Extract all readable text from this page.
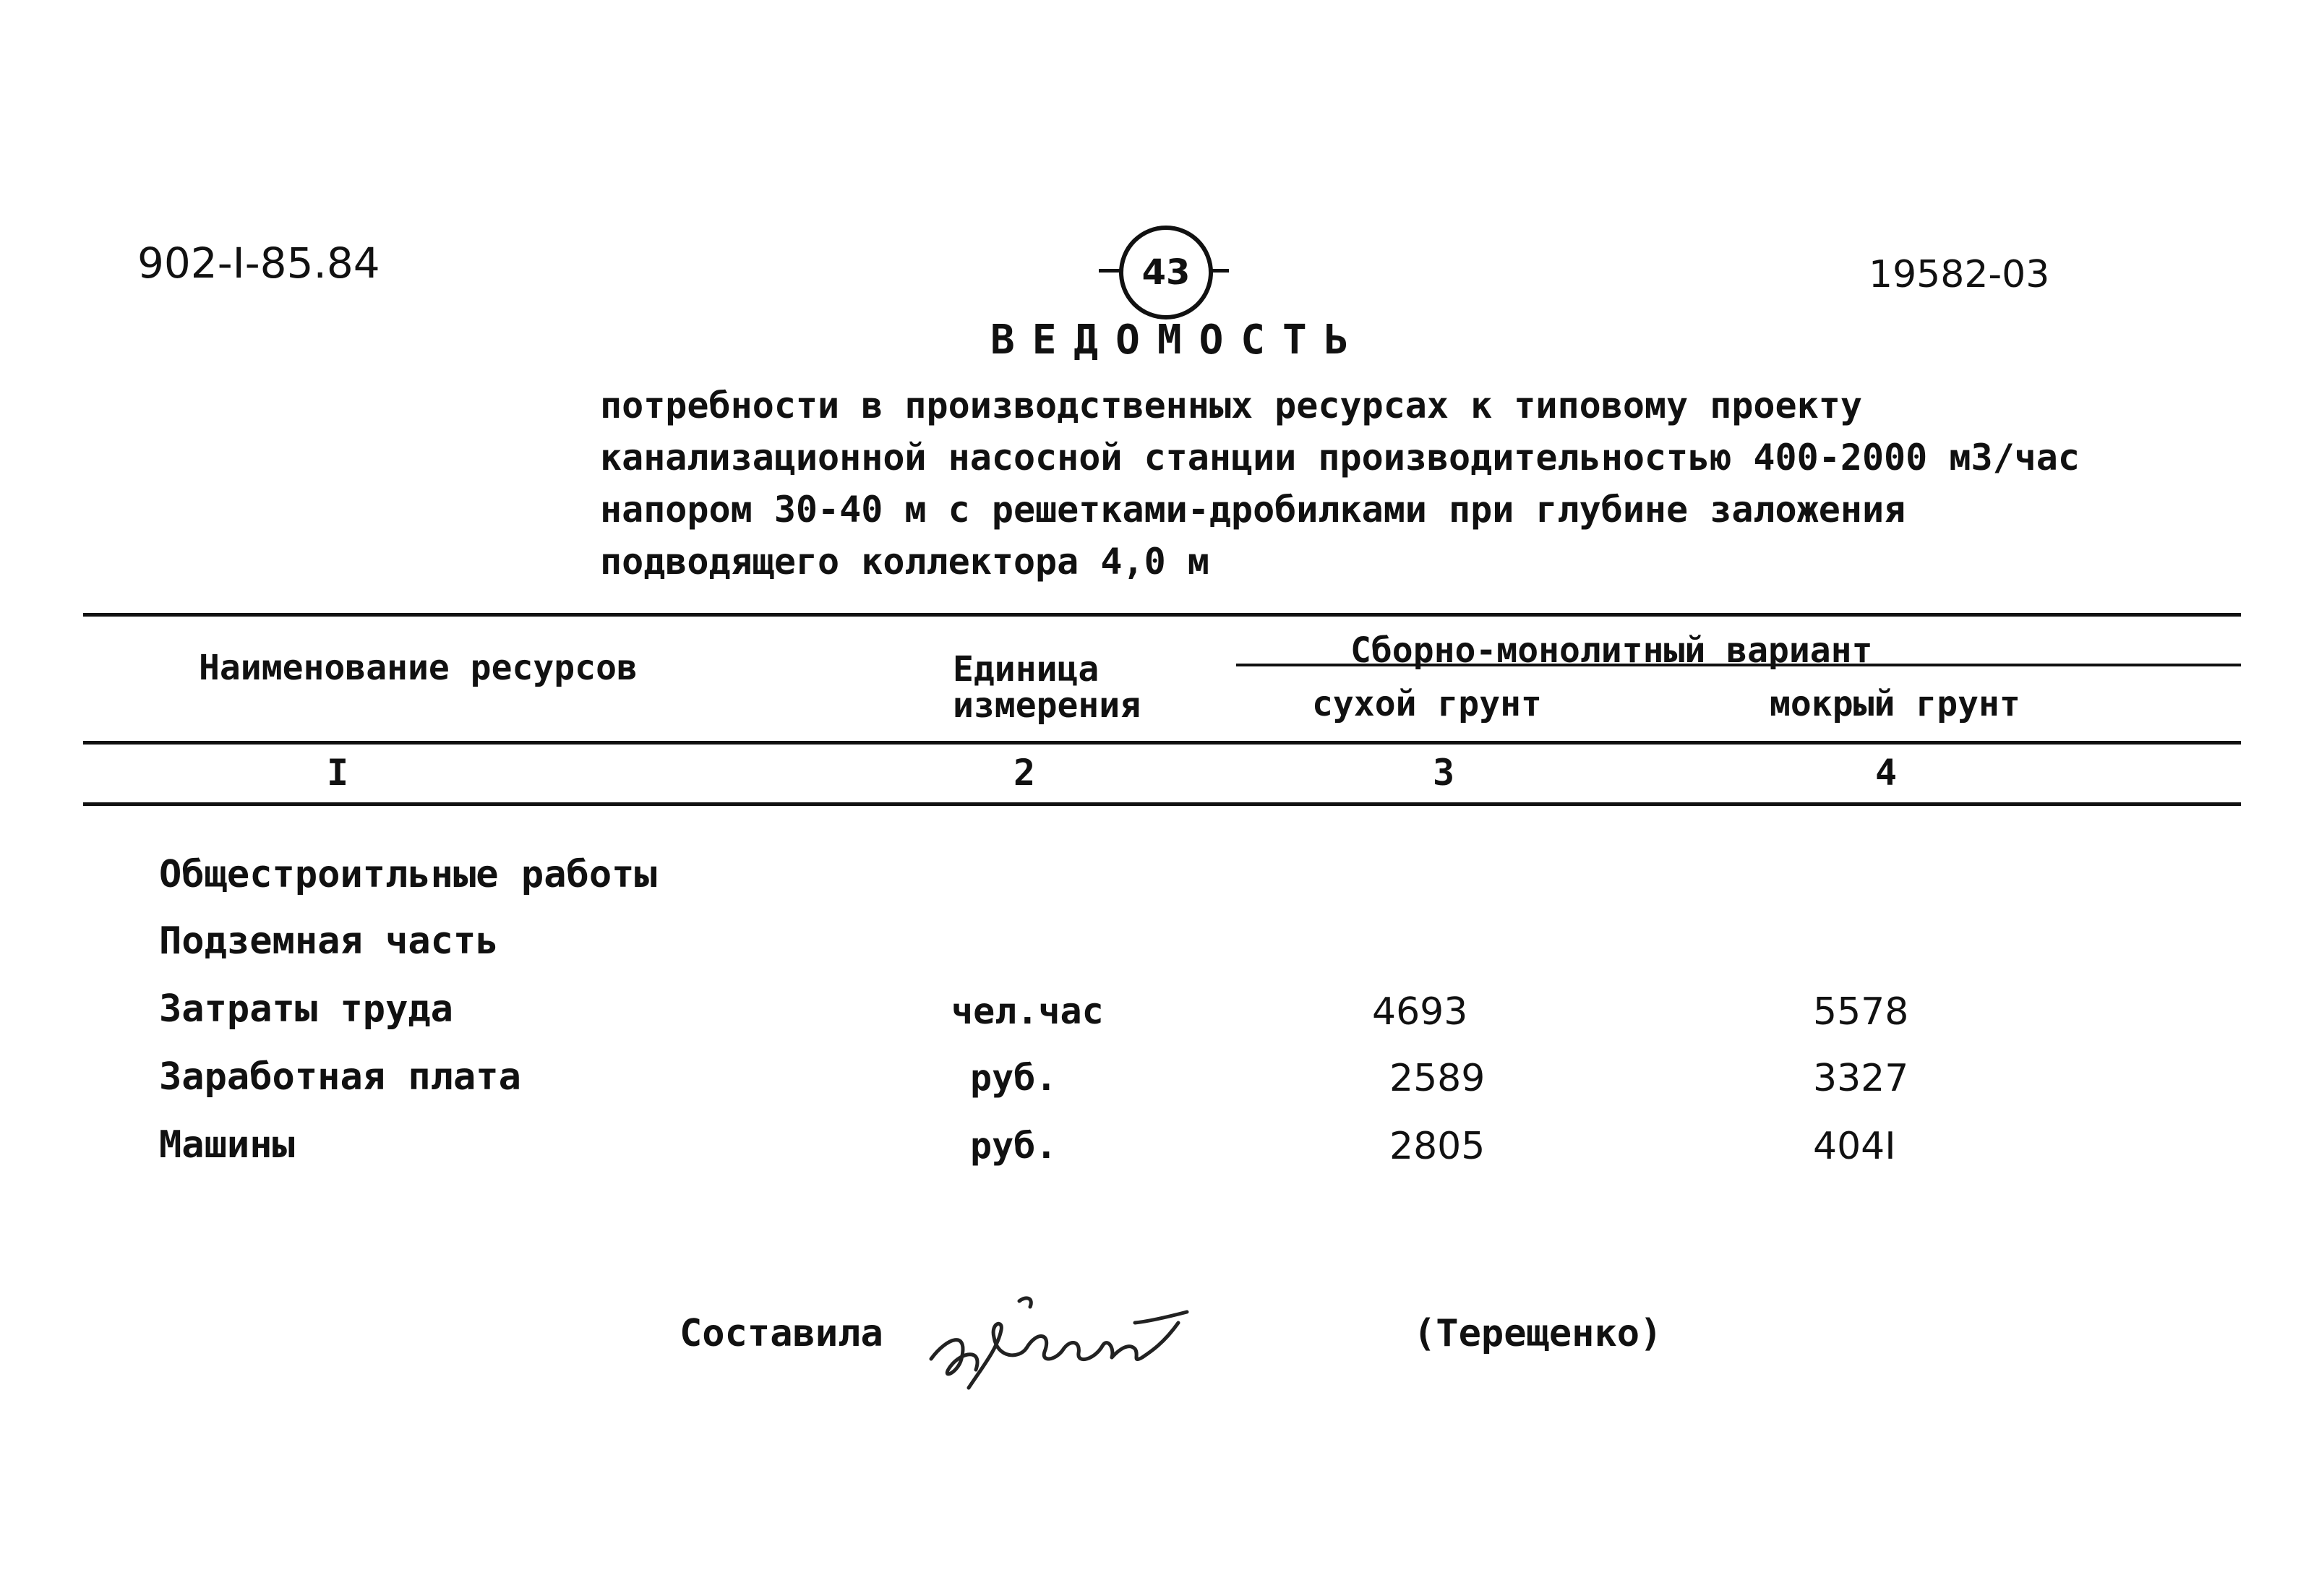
902-I-85.84	43	19582-03
ВЕДОМОСТЬ
потребности в производственных ресурсах к типовому проекту
канализационной насосной станции производительностью 400-2000 м3/час
напором 30-40 м с решетками-дробилками при глубине заложения
подводящего коллектора 4,0 м
Наименование ресурсов	Единица
измерения
Сборно-монолитный вариант
сухой грунт	мокрый грунт
I	2	3	4
Общестроитльные работы
Подземная часть
Затраты труда	чел.час	4693	5578
Заработная плата	руб.	2589	3327
Машины	руб.	2805	404I
Составила	(Терещенко)
